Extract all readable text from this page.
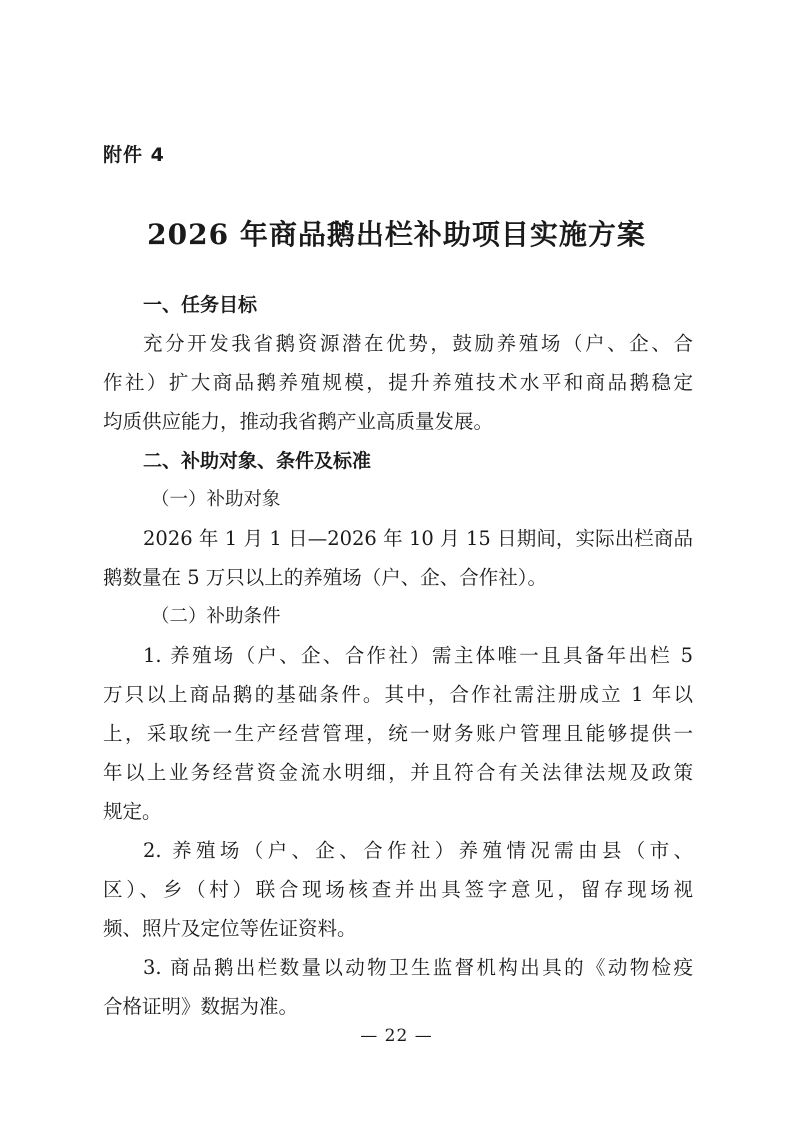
附件 4
2026 年商品鹅出栏补助项目实施方案
一、任务目标
充分开发我省鹅资源潜在优势，鼓励养殖场（户、企、合
作社）扩大商品鹅养殖规模，提升养殖技术水平和商品鹅稳定
均质供应能力，推动我省鹅产业高质量发展。
二、补助对象、条件及标准
（一）补助对象
2026 年 1 月 1 日—2026 年 10 月 15 日期间，实际出栏商品
鹅数量在 5 万只以上的养殖场（户、企、合作社）。
（二）补助条件
1. 养殖场（户、企、合作社）需主体唯一且具备年出栏 5
万只以上商品鹅的基础条件。其中，合作社需注册成立 1 年以
上，采取统一生产经营管理，统一财务账户管理且能够提供一
年以上业务经营资金流水明细，并且符合有关法律法规及政策
规定。
2. 养殖场（户、企、合作社）养殖情况需由县（市、
区）、乡（村）联合现场核查并出具签字意见，留存现场视
频、照片及定位等佐证资料。
3. 商品鹅出栏数量以动物卫生监督机构出具的《动物检疫
合格证明》数据为准。
— 22 —
